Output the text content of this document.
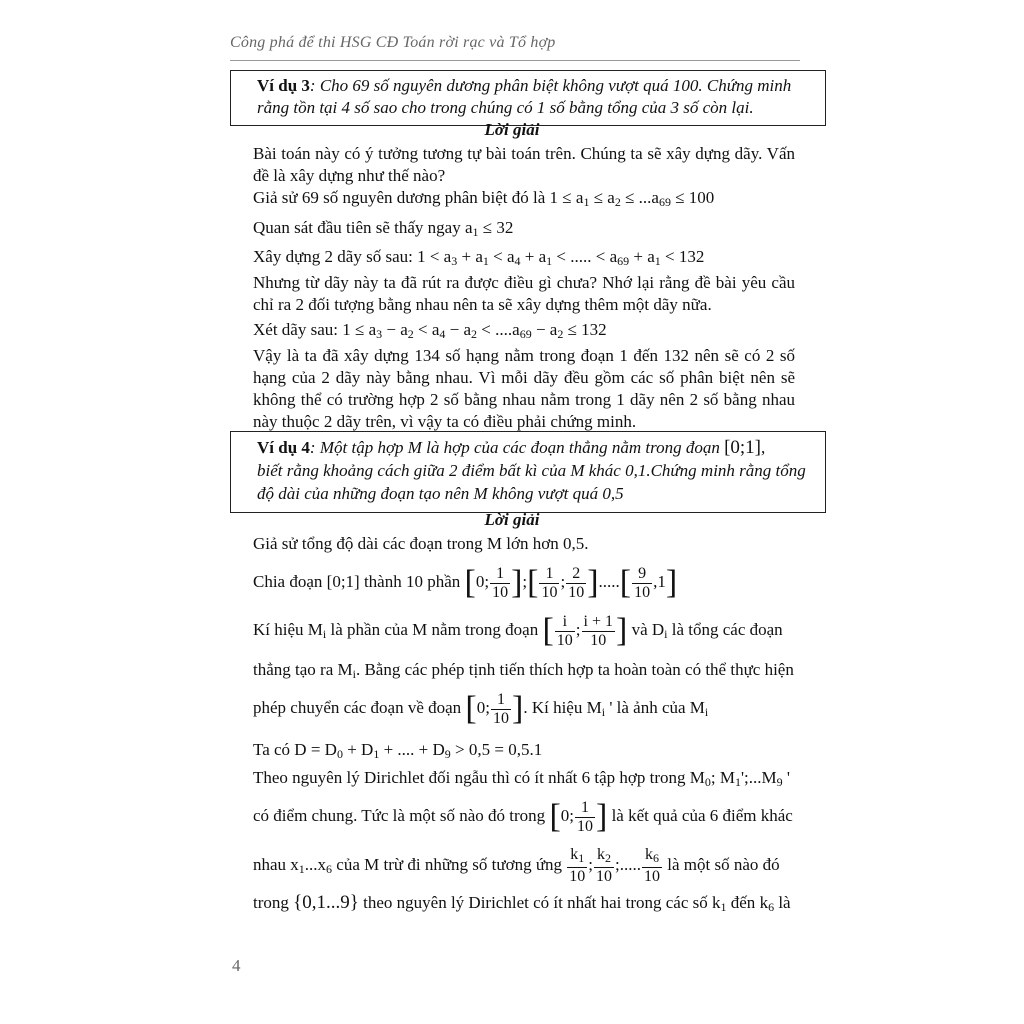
Công phá để thi HSG CĐ Toán rời rạc và Tổ hợp
Ví dụ 3: Cho 69 số nguyên dương phân biệt không vượt quá 100. Chứng minh rằng tồn tại 4 số sao cho trong chúng có 1 số bằng tổng của 3 số còn lại.
Lời giải
Bài toán này có ý tưởng tương tự bài toán trên. Chúng ta sẽ xây dựng dãy. Vấn đề là xây dựng như thế nào?
Giả sử 69 số nguyên dương phân biệt đó là $1 \le a_1 \le a_2 \le ...a_{69} \le 100$
Quan sát đầu tiên sẽ thấy ngay $a_1 \le 32$
Xây dựng 2 dãy số sau: $1 < a_3 + a_1 < a_4 + a_1$ < ..... < $a_{69} + a_1 < 132$
Nhưng từ dãy này ta đã rút ra được điều gì chưa? Nhớ lại rằng đề bài yêu cầu chỉ ra 2 đối tượng bằng nhau nên ta sẽ xây dựng thêm một dãy nữa.
Xét dãy sau: $1 \le a_3 - a_2 < a_4 - a_2 < ....a_{69} - a_2 \le 132$
Vậy là ta đã xây dựng 134 số hạng nằm trong đoạn 1 đến 132 nên sẽ có 2 số hạng của 2 dãy này bằng nhau. Vì mỗi dãy đều gồm các số phân biệt nên sẽ không thể có trường hợp 2 số bằng nhau nằm trong 1 dãy nên 2 số bằng nhau này thuộc 2 dãy trên, vì vậy ta có điều phải chứng minh.
Ví dụ 4: Một tập hợp M là hợp của các đoạn thẳng nằm trong đoạn [0;1],
biết rằng khoảng cách giữa 2 điểm bất kì của M khác 0,1.Chứng minh rằng tổng độ dài của những đoạn tạo nên M không vượt quá 0,5
Lời giải
Giả sử tổng độ dài các đoạn trong M lớn hơn 0,5.
Chia đoạn [0;1] thành 10 phần [0; $\frac{1}{10}$ ];[ $\frac{1}{10}$ ; $\frac{2}{10}$ ].....[ $\frac{9}{10} ,1$]
Kí hiệu $M_i$ là phần của M nằm trong đoạn [ $\frac{i}{10}$ ; $\frac{i + 1}{10}$ ] và $D_i$ là tổng các đoạn
thẳng tạo ra $M_i$. Bằng các phép tịnh tiến thích hợp ta hoàn toàn có thể thực hiện
phép chuyển các đoạn về đoạn [0; $\frac{1}{10}$ ]. Kí hiệu $M_i$ ' là ảnh của $M_i$
Ta có $D = D_0 + D_1$ + .... + $D_9 > 0,5 = 0,5.1$
Theo nguyên lý Dirichlet đối ngẫu thì có ít nhất 6 tập hợp trong $M_0$; $M_1';...M_9$ '
có điểm chung. Tức là một số nào đó trong [0; $\frac{1}{10}$ ] là kết quả của 6 điểm khác
nhau $x_1...x_6$ của M trừ đi những số tương ứng $\frac{k_1}{10}$ ; $\frac{k_2}{10}$ ;..... $\frac{k_6}{10}$ là một số nào đó
trong {0,1...9} theo nguyên lý Dirichlet có ít nhất hai trong các số $k_1$ đến $k_6$ là
4
